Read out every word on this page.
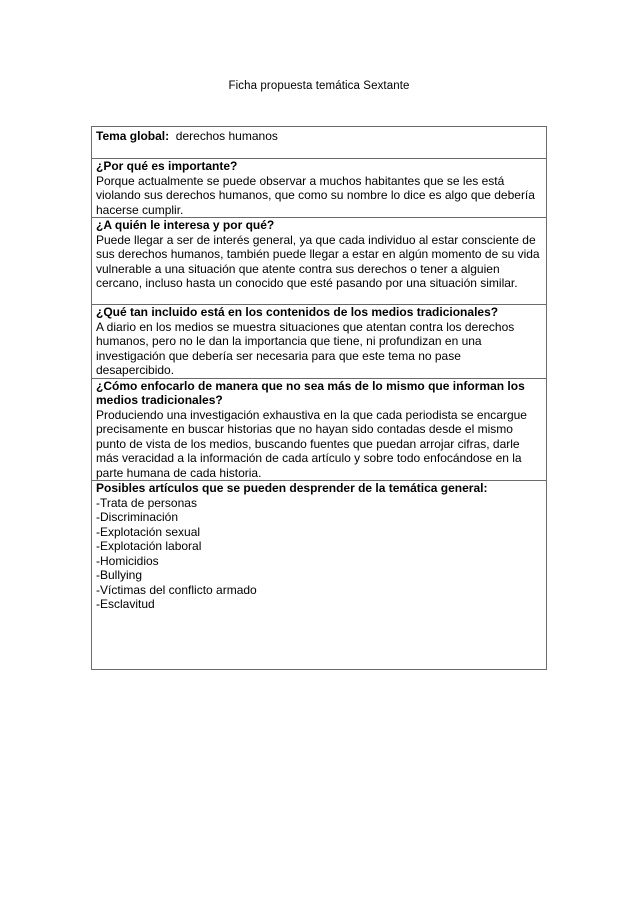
Ficha propuesta temática Sextante
Tema global: derechos humanos

¿Por qué es importante?
Porque actualmente se puede observar a muchos habitantes que se les está violando sus derechos humanos, que como su nombre lo dice es algo que debería hacerse cumplir.

¿A quién le interesa y por qué?
Puede llegar a ser de interés general, ya que cada individuo al estar consciente de sus derechos humanos, también puede llegar a estar en algún momento de su vida vulnerable a una situación que atente contra sus derechos o tener a alguien cercano, incluso hasta un conocido que esté pasando por una situación similar.

¿Qué tan incluido está en los contenidos de los medios tradicionales?
A diario en los medios se muestra situaciones que atentan contra los derechos humanos, pero no le dan la importancia que tiene, ni profundizan en una investigación que debería ser necesaria para que este tema no pase desapercibido.

¿Cómo enfocarlo de manera que no sea más de lo mismo que informan los medios tradicionales?
Produciendo una investigación exhaustiva en la que cada periodista se encargue precisamente en buscar historias que no hayan sido contadas desde el mismo punto de vista de los medios, buscando fuentes que puedan arrojar cifras, darle más veracidad a la información de cada artículo y sobre todo enfocándose en la parte humana de cada historia.

Posibles artículos que se pueden desprender de la temática general:
-Trata de personas
-Discriminación
-Explotación sexual
-Explotación laboral
-Homicidios
-Bullying
-Víctimas del conflicto armado
-Esclavitud
